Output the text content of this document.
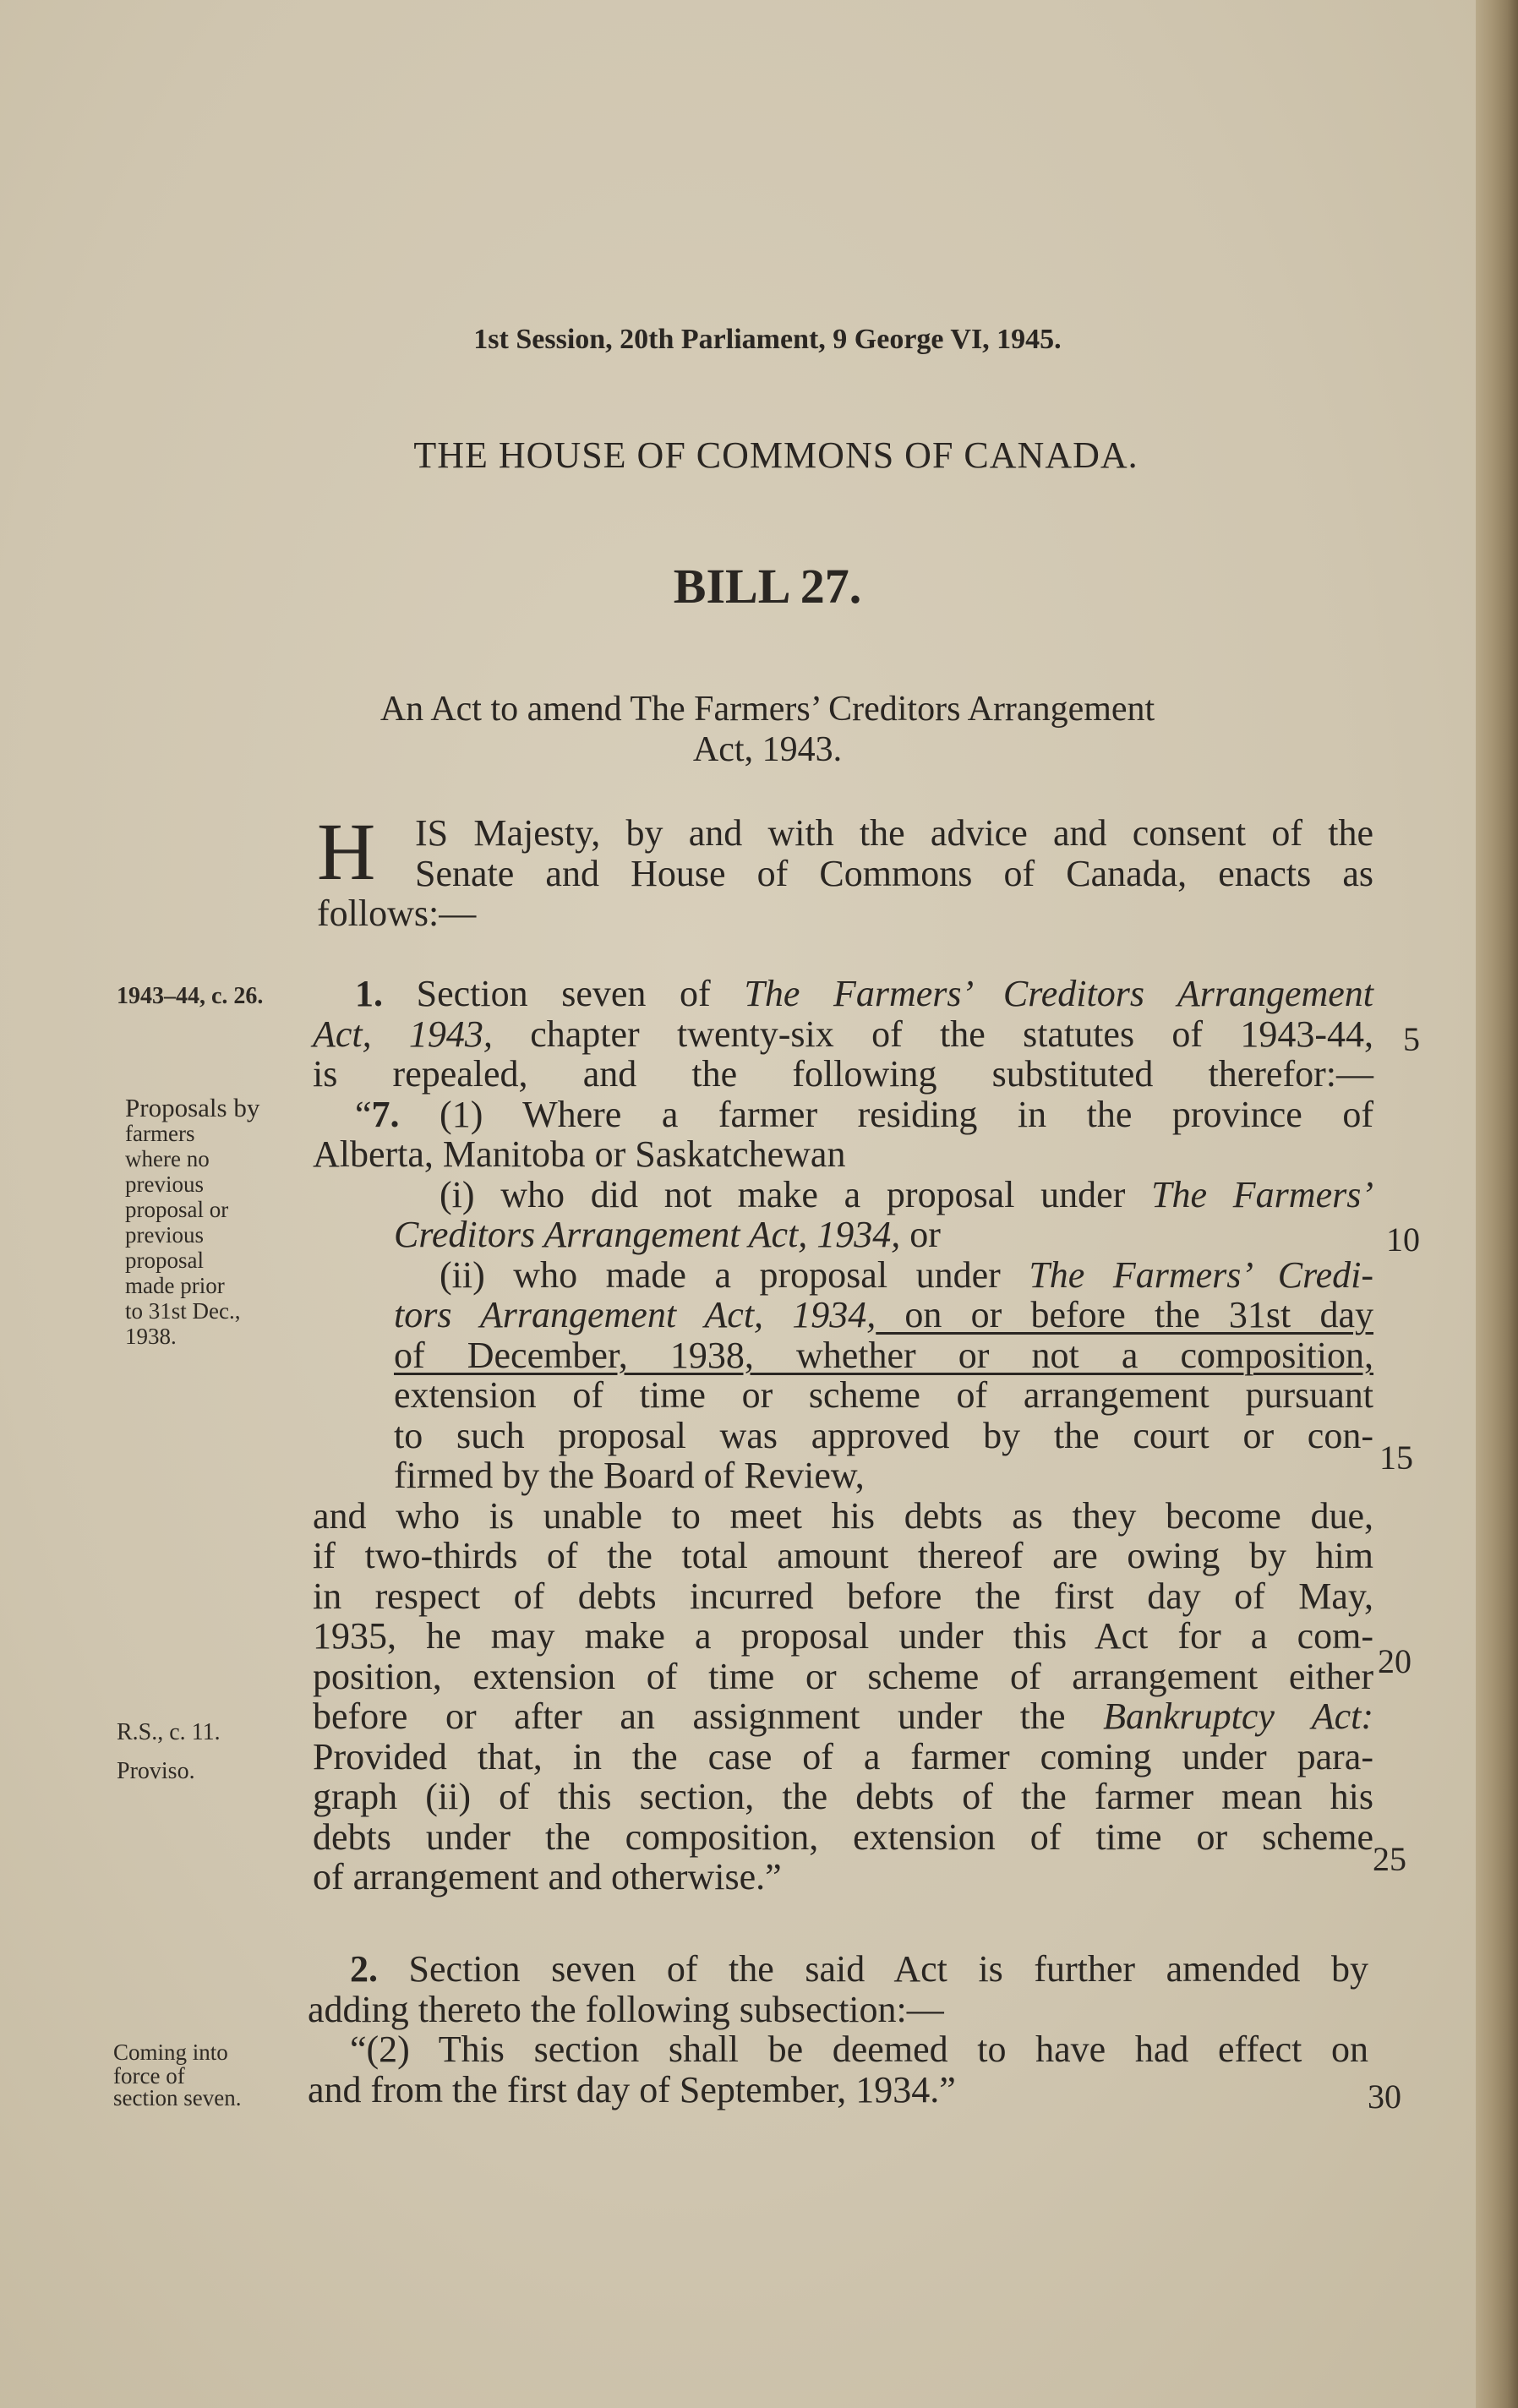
1st Session, 20th Parliament, 9 George VI, 1945.

THE HOUSE OF COMMONS OF CANADA.

BILL 27.

An Act to amend The Farmers’ Creditors Arrangement
Act, 1943.
H IS Majesty, by and with the advice and consent of the
Senate and House of Commons of Canada, enacts as
follows:—
1. Section seven of The Farmers’ Creditors Arrangement
Act, 1943, chapter twenty-six of the statutes of 1943-44,
is repealed, and the following substituted therefor:—
“7. (1) Where a farmer residing in the province of
Alberta, Manitoba or Saskatchewan
(i) who did not make a proposal under The Farmers’
Creditors Arrangement Act, 1934, or
(ii) who made a proposal under The Farmers’ Credi-
tors Arrangement Act, 1934, on or before the 31st day
of December, 1938, whether or not a composition,
extension of time or scheme of arrangement pursuant
to such proposal was approved by the court or con-
firmed by the Board of Review,
and who is unable to meet his debts as they become due,
if two-thirds of the total amount thereof are owing by him
in respect of debts incurred before the first day of May,
1935, he may make a proposal under this Act for a com-
position, extension of time or scheme of arrangement either
before or after an assignment under the Bankruptcy Act:
Provided that, in the case of a farmer coming under para-
graph (ii) of this section, the debts of the farmer mean his
debts under the composition, extension of time or scheme
of arrangement and otherwise.”
2. Section seven of the said Act is further amended by
adding thereto the following subsection:—
“(2) This section shall be deemed to have had effect on
and from the first day of September, 1934.”
1943–44, c. 26.
Proposals by
farmers
where no
previous
proposal or
previous
proposal
made prior
to 31st Dec.,
1938.
R.S., c. 11.
Proviso.
Coming into
force of
section seven.
5
10
15
20
25
30
